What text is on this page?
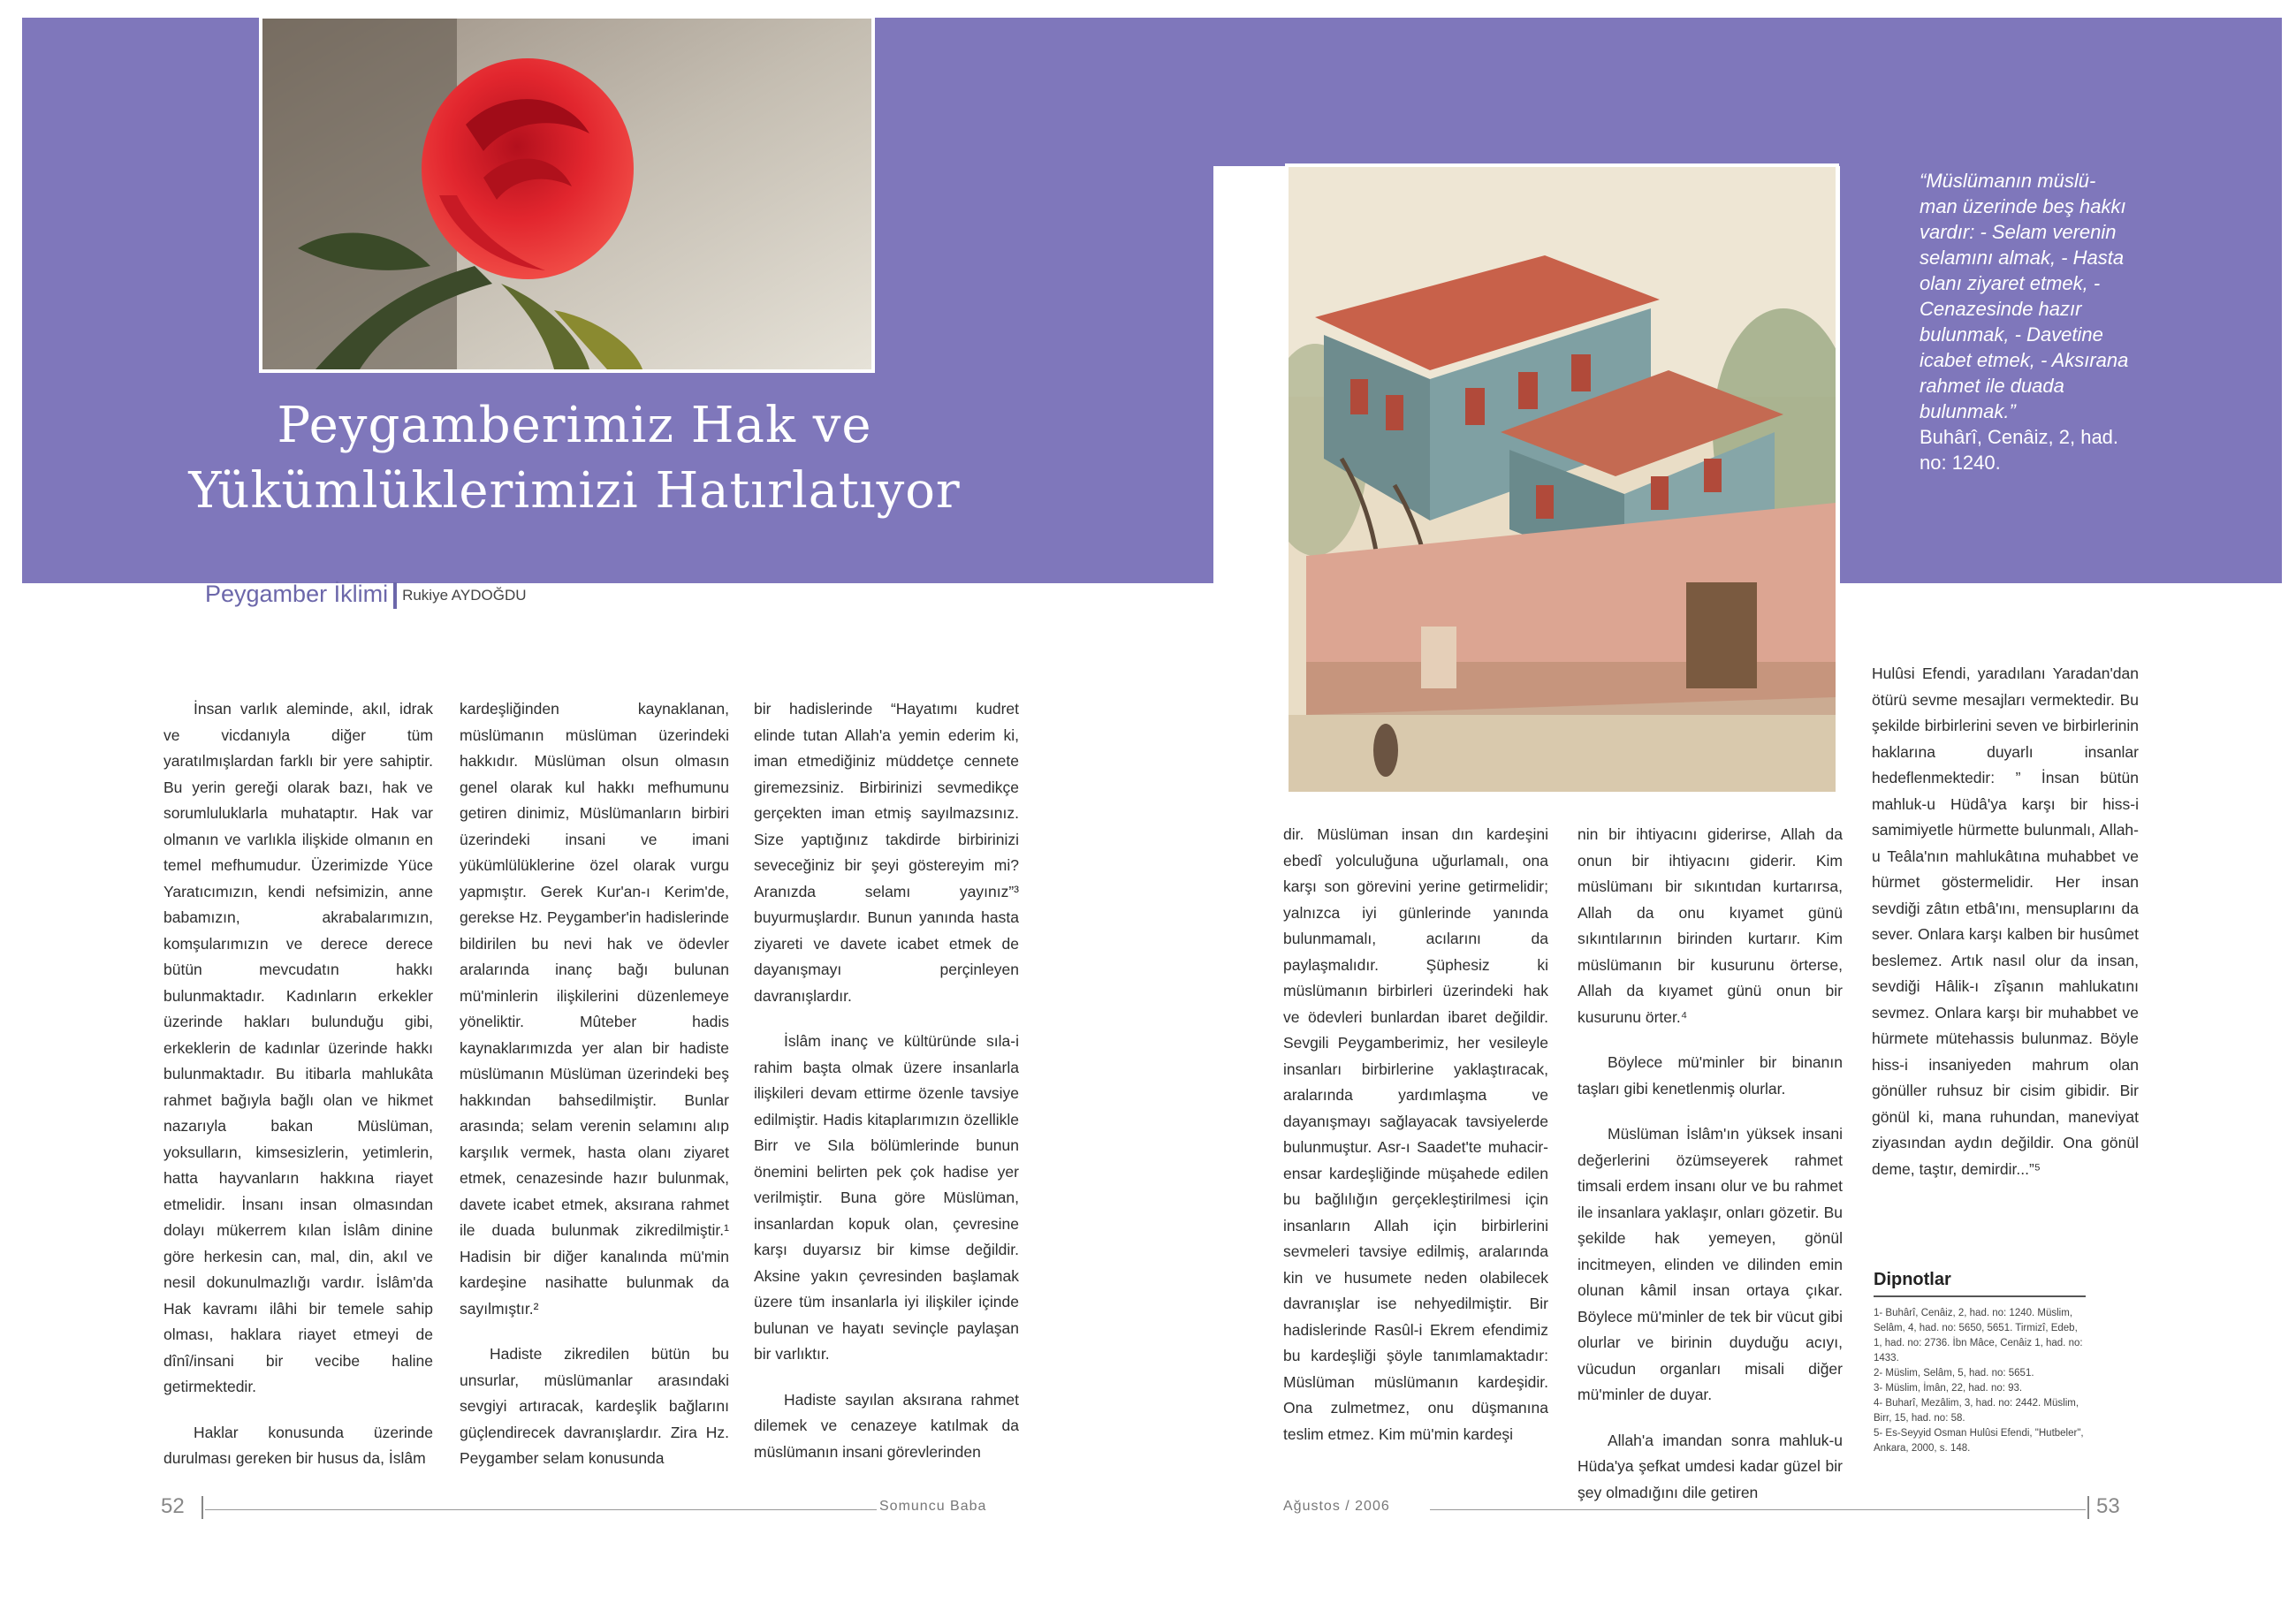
Peygamberimiz Hak ve
Yükümlüklerimizi Hatırlatıyor
Peygamber İklimi Rukiye AYDOĞDU
“Müslümanın müslü-man üzerinde beş hakkı vardır: - Selam verenin selamını almak, - Hasta olanı ziyaret etmek, - Cenazesinde hazır bulunmak, - Davetine icabet etmek, - Aksırana rahmet ile duada bulunmak.”
Buhârî, Cenâiz, 2, had. no: 1240.

İnsan varlık aleminde, akıl, idrak ve vicdanıyla diğer tüm yaratılmışlardan farklı bir yere sahiptir. Bu yerin gereği olarak bazı, hak ve sorumluluklarla muhataptır. Hak var olmanın ve varlıkla ilişkide olmanın en temel mefhumudur. Üzerimizde Yüce Yaratıcımızın, kendi nefsimizin, anne babamızın, akrabalarımızın, komşularımızın ve derece derece bütün mevcudatın hakkı bulunmaktadır. Kadınların erkekler üzerinde hakları bulunduğu gibi, erkeklerin de kadınlar üzerinde hakkı bulunmaktadır. Bu itibarla mahlukâta rahmet bağıyla bağlı olan ve hikmet nazarıyla bakan Müslüman, yoksulların, kimsesizlerin, yetimlerin, hatta hayvanların hakkına riayet etmelidir. İnsanı insan olmasından dolayı mükerrem kılan İslâm dinine göre herkesin can, mal, din, akıl ve nesil dokunulmazlığı vardır. İslâm'da Hak kavramı ilâhi bir temele sahip olması, haklara riayet etmeyi de dînî/insani bir vecibe haline getirmektedir.

Haklar konusunda üzerinde durulması gereken bir husus da, İslâm

kardeşliğinden kaynaklanan, müslümanın müslüman üzerindeki hakkıdır. Müslüman olsun olmasın genel olarak kul hakkı mefhumunu getiren dinimiz, Müslümanların birbiri üzerindeki insani ve imani yükümlülüklerine özel olarak vurgu yapmıştır. Gerek Kur'an-ı Kerim'de, gerekse Hz. Peygamber'in hadislerinde bildirilen bu nevi hak ve ödevler aralarında inanç bağı bulunan mü'minlerin ilişkilerini düzenlemeye yöneliktir. Mûteber hadis kaynaklarımızda yer alan bir hadiste müslümanın Müslüman üzerindeki beş hakkından bahsedilmiştir. Bunlar arasında; selam verenin selamını alıp karşılık vermek, hasta olanı ziyaret etmek, cenazesinde hazır bulunmak, davete icabet etmek, aksırana rahmet ile duada bulunmak zikredilmiştir.¹ Hadisin bir diğer kanalında mü'min kardeşine nasihatte bulunmak da sayılmıştır.²

Hadiste zikredilen bütün bu unsurlar, müslümanlar arasındaki sevgiyi artıracak, kardeşlik bağlarını güçlendirecek davranışlardır. Zira Hz. Peygamber selam konusunda

bir hadislerinde “Hayatımı kudret elinde tutan Allah'a yemin ederim ki, iman etmediğiniz müddetçe cennete giremezsiniz. Birbirinizi sevmedikçe gerçekten iman etmiş sayılmazsınız. Size yaptığınız takdirde birbirinizi seveceğiniz bir şeyi göstereyim mi? Aranızda selamı yayınız”³ buyurmuşlardır. Bunun yanında hasta ziyareti ve davete icabet etmek de dayanışmayı perçinleyen davranışlardır.

İslâm inanç ve kültüründe sıla-i rahim başta olmak üzere insanlarla ilişkileri devam ettirme özenle tavsiye edilmiştir. Hadis kitaplarımızın özellikle Birr ve Sıla bölümlerinde bunun önemini belirten pek çok hadise yer verilmiştir. Buna göre Müslüman, insanlardan kopuk olan, çevresine karşı duyarsız bir kimse değildir. Aksine yakın çevresinden başlamak üzere tüm insanlarla iyi ilişkiler içinde bulunan ve hayatı sevinçle paylaşan bir varlıktır.

Hadiste sayılan aksırana rahmet dilemek ve cenazeye katılmak da müslümanın insani görevlerinden

dir. Müslüman insan dın kardeşini ebedî yolculuğuna uğurlamalı, ona karşı son görevini yerine getirmelidir; yalnızca iyi günlerinde yanında bulunmamalı, acılarını da paylaşmalıdır. Şüphesiz ki müslümanın birbirleri üzerindeki hak ve ödevleri bunlardan ibaret değildir. Sevgili Peygamberimiz, her vesileyle insanları birbirlerine yaklaştıracak, aralarında yardımlaşma ve dayanışmayı sağlayacak tavsiyelerde bulunmuştur. Asr-ı Saadet'te muhacir-ensar kardeşliğinde müşahede edilen bu bağlılığın gerçekleştirilmesi için insanların Allah için birbirlerini sevmeleri tavsiye edilmiş, aralarında kin ve husumete neden olabilecek davranışlar ise nehyedilmiştir. Bir hadislerinde Rasûl-i Ekrem efendimiz bu kardeşliği şöyle tanımlamaktadır: Müslüman müslümanın kardeşidir. Ona zulmetmez, onu düşmanına teslim etmez. Kim mü'min kardeşi

nin bir ihtiyacını giderirse, Allah da onun bir ihtiyacını giderir. Kim müslümanı bir sıkıntıdan kurtarırsa, Allah da onu kıyamet günü sıkıntılarının birinden kurtarır. Kim müslümanın bir kusurunu örterse, Allah da kıyamet günü onun bir kusurunu örter.⁴

Böylece mü'minler bir binanın taşları gibi kenetlenmiş olurlar.

Müslüman İslâm'ın yüksek insani değerlerini özümseyerek rahmet timsali erdem insanı olur ve bu rahmet ile insanlara yaklaşır, onları gözetir. Bu şekilde hak yemeyen, gönül incitmeyen, elinden ve dilinden emin olunan kâmil insan ortaya çıkar. Böylece mü'minler de tek bir vücut gibi olurlar ve birinin duyduğu acıyı, vücudun organları misali diğer mü'minler de duyar.

Allah'a imandan sonra mahluk-u Hüda'ya şefkat umdesi kadar güzel bir şey olmadığını dile getiren

Hulûsi Efendi, yaradılanı Yaradan'dan ötürü sevme mesajları vermektedir. Bu şekilde birbirlerini seven ve birbirlerinin haklarına duyarlı insanlar hedeflenmektedir: ” İnsan bütün mahluk-u Hüdâ'ya karşı bir hiss-i samimiyetle hürmette bulunmalı, Allah-u Teâla'nın mahlukâtına muhabbet ve hürmet göstermelidir. Her insan sevdiği zâtın etbâ'ını, mensuplarını da sever. Onlara karşı kalben bir husûmet beslemez. Artık nasıl olur da insan, sevdiği Hâlik-ı zîşanın mahlukatını sevmez. Onlara karşı bir muhabbet ve hürmete mütehassis bulunmaz. Böyle hiss-i insaniyeden mahrum olan gönüller ruhsuz bir cisim gibidir. Bir gönül ki, mana ruhundan, maneviyat ziyasından aydın değildir. Ona gönül deme, taştır, demirdir...”⁵

Dipnotlar
1- Buhârî, Cenâiz, 2, had. no: 1240. Müslim, Selâm, 4, had. no: 5650, 5651. Tirmizî, Edeb, 1, had. no: 2736. İbn Mâce, Cenâiz 1, had. no: 1433.
2- Müslim, Selâm, 5, had. no: 5651.
3- Müslim, İmân, 22, had. no: 93.
4- Buharî, Mezâlim, 3, had. no: 2442. Müslim, Birr, 15, had. no: 58.
5- Es-Seyyid Osman Hulûsi Efendi, "Hutbeler", Ankara, 2000, s. 148.
52	Somuncu Baba	Ağustos / 2006	53
